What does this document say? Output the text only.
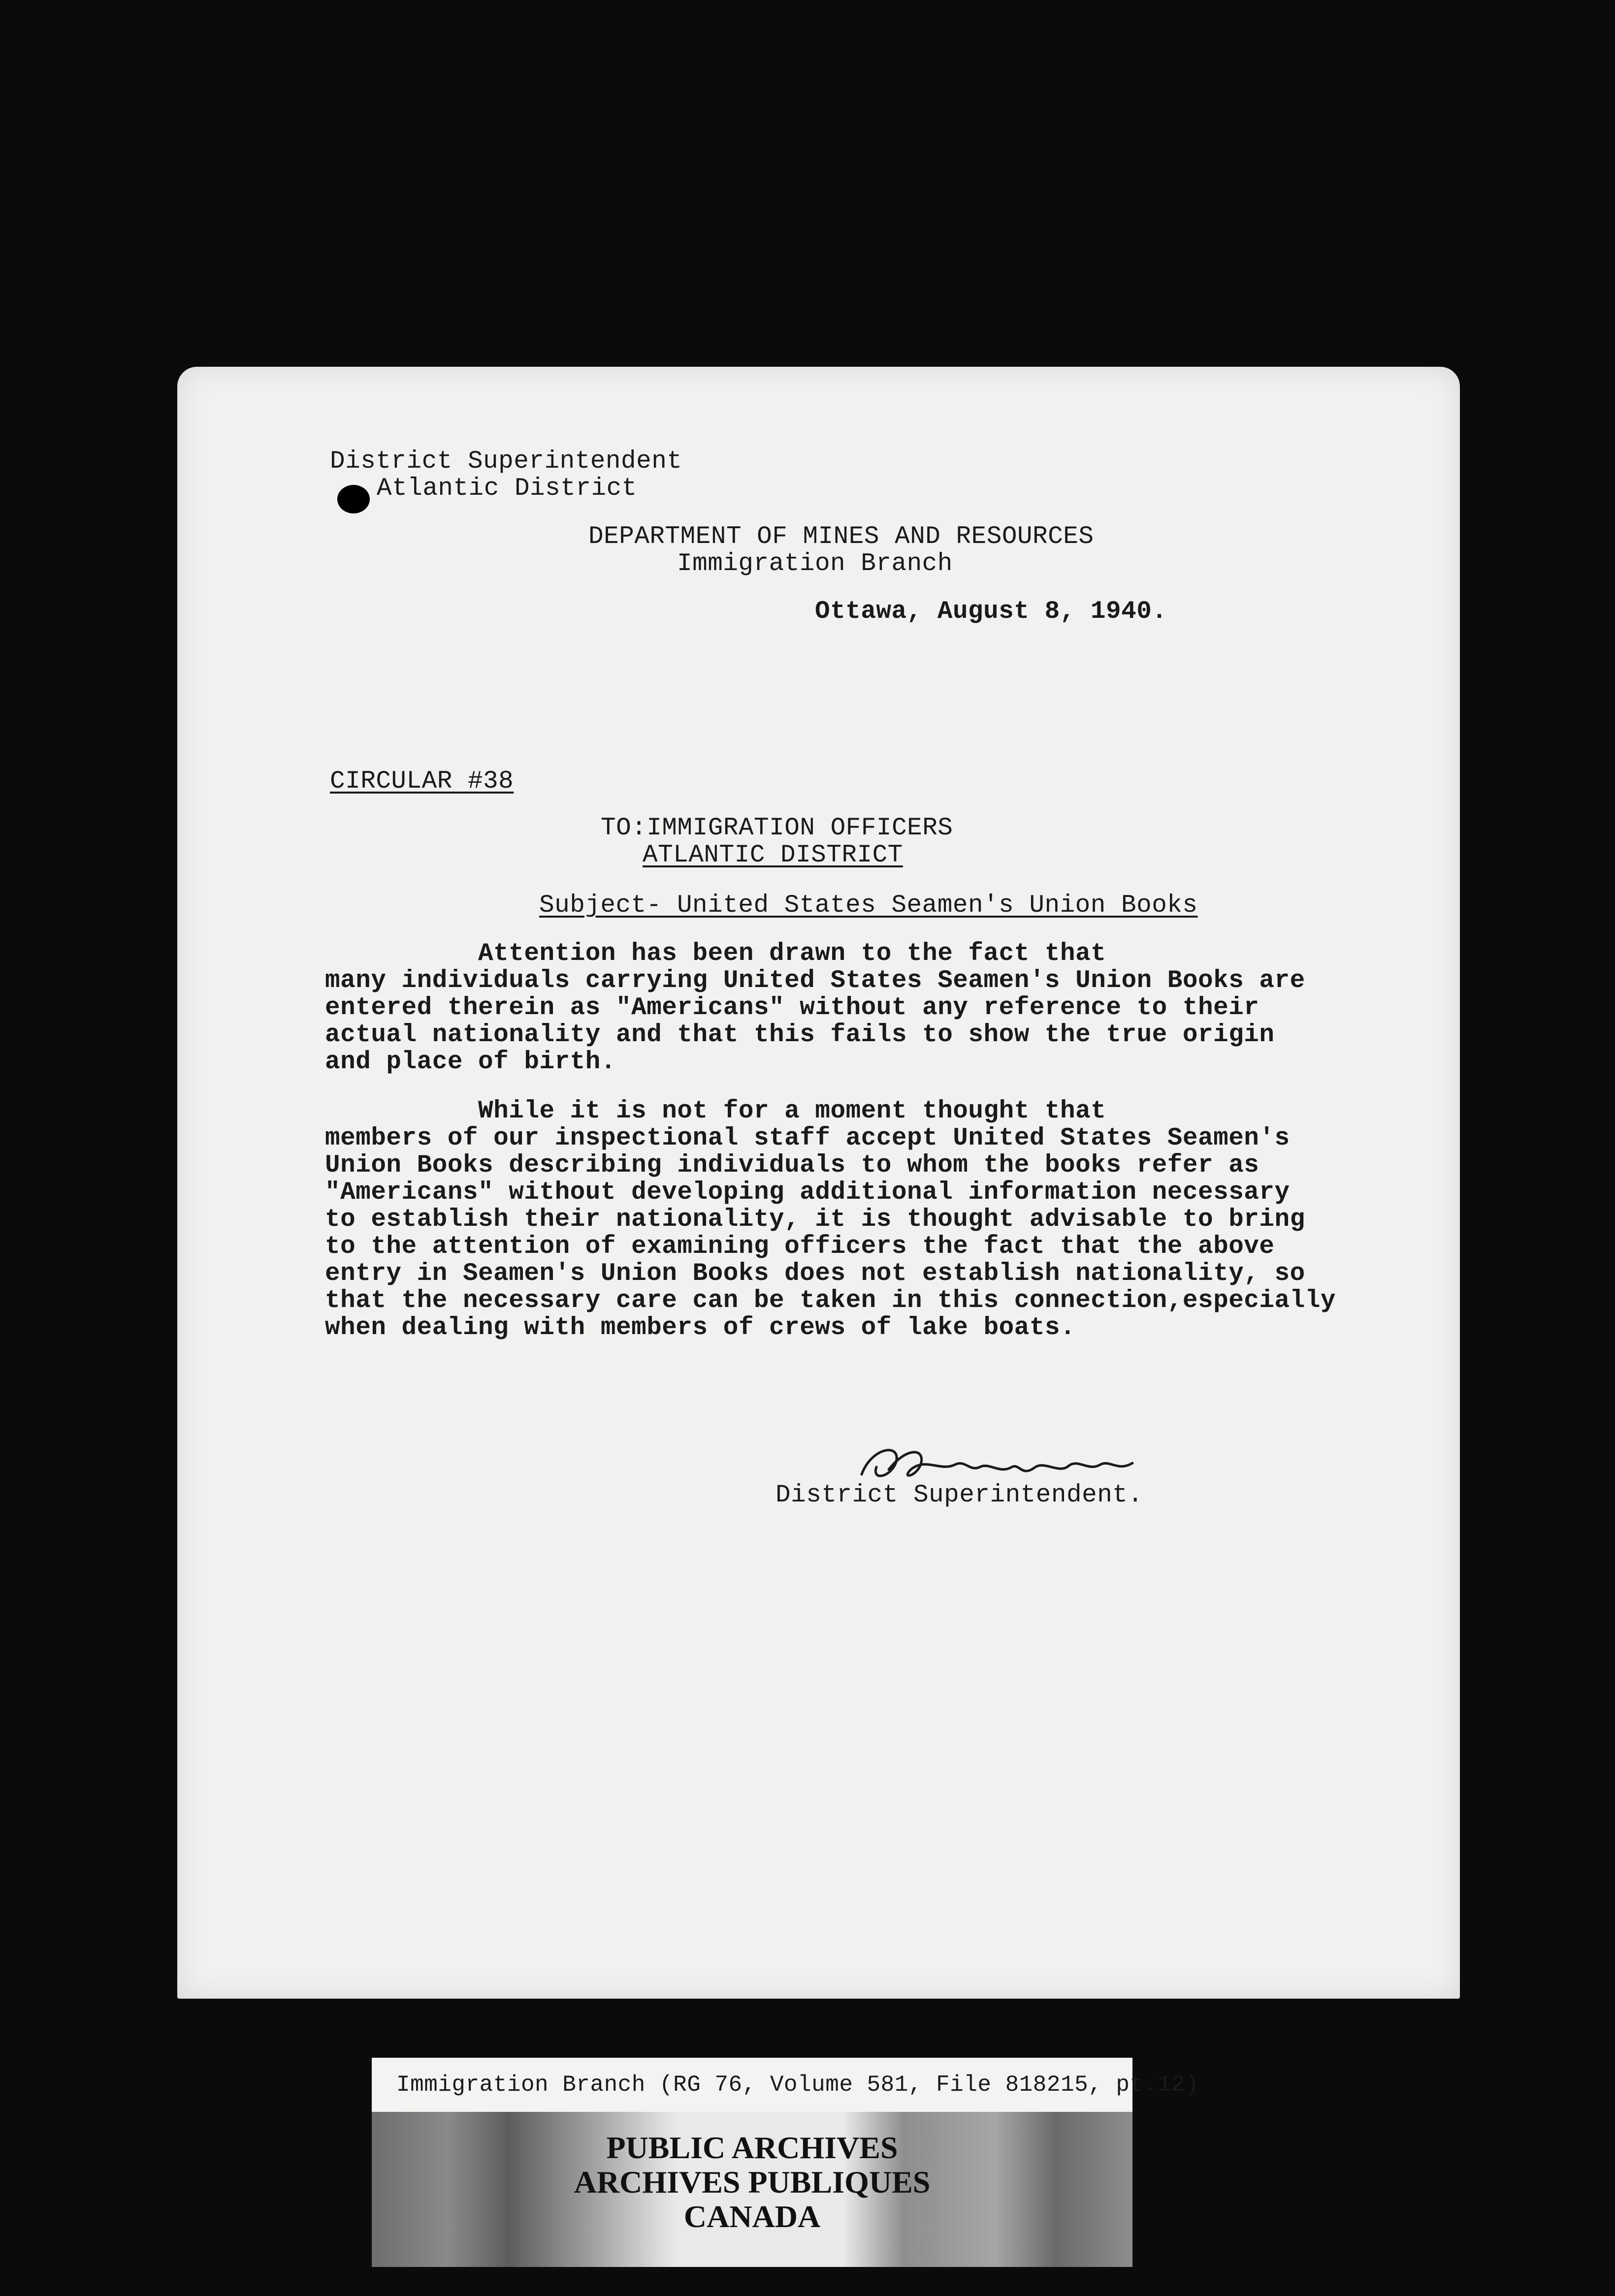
District Superintendent
Atlantic District
DEPARTMENT OF MINES AND RESOURCES
Immigration Branch
Ottawa, August 8, 1940.
CIRCULAR #38
TO:IMMIGRATION OFFICERS
ATLANTIC DISTRICT
Subject- United States Seamen's Union Books
Attention has been drawn to the fact that
many individuals carrying United States Seamen's Union Books are
entered therein as "Americans" without any reference to their
actual nationality and that this fails to show the true origin
and place of birth.
While it is not for a moment thought that
members of our inspectional staff accept United States Seamen's
Union Books describing individuals to whom the books refer as
"Americans" without developing additional information necessary
to establish their nationality, it is thought advisable to bring
to the attention of examining officers the fact that the above
entry in Seamen's Union Books does not establish nationality, so
that the necessary care can be taken in this connection,especially
when dealing with members of crews of lake boats.
District Superintendent.
Immigration Branch (RG 76, Volume 581, File 818215, pt.12)
PUBLIC ARCHIVES
ARCHIVES PUBLIQUES
CANADA
